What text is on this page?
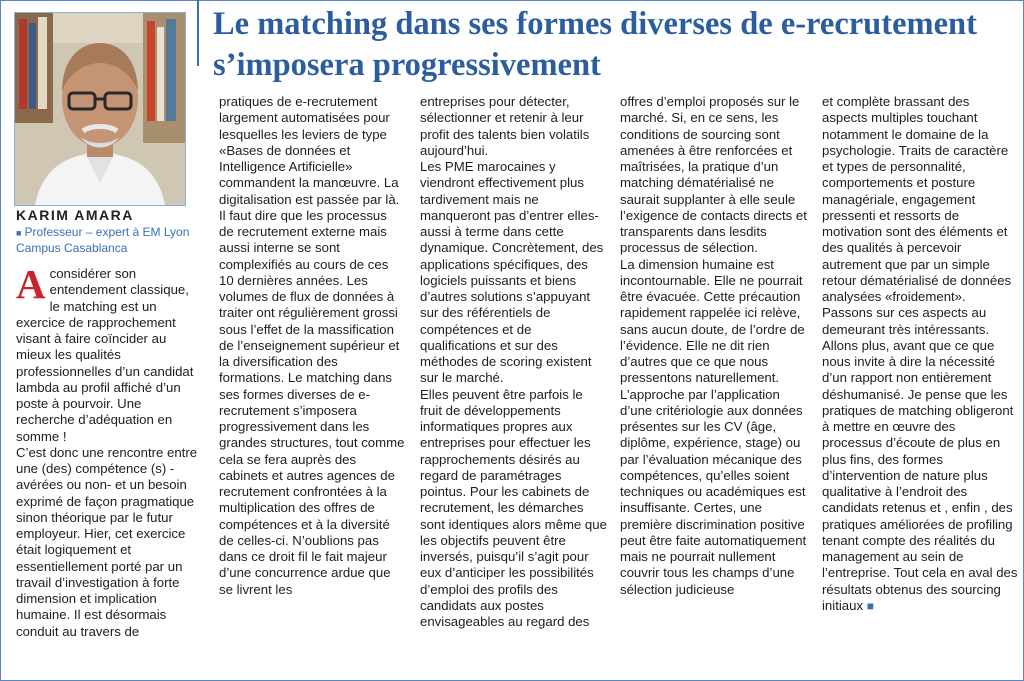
Le matching dans ses formes diverses de e-recrutement s’imposera progressivement

KARIM AMARA

■ Professeur – expert à EM Lyon Campus Casablanca

Aconsidérer son entendement classique, le matching est un exercice de rapprochement visant à faire coïncider au mieux les qualités professionnelles d’un candidat lambda au profil affiché d’un poste à pourvoir. Une recherche d’adéquation en somme !

C’est donc une rencontre entre une (des) compétence (s) - avérées ou non- et un besoin exprimé de façon pragmatique sinon théorique par le futur employeur. Hier, cet exercice était logiquement et essentiellement porté par un travail d’investigation à forte dimension et implication humaine. Il est désormais conduit au travers de

pratiques de e-recrutement largement automatisées pour lesquelles les leviers de type «Bases de données et Intelligence Artificielle» commandent la manœuvre. La digitalisation est passée par là. Il faut dire que les processus de recrutement externe mais aussi interne se sont complexifiés au cours de ces 10 dernières années. Les volumes de flux de données à traiter ont régulièrement grossi sous l’effet de la massification de l’enseignement supérieur et la diversification des formations. Le matching dans ses formes diverses de e-recrutement s’imposera progressivement dans les grandes structures, tout comme cela se fera auprès des cabinets et autres agences de recrutement confrontées à la multiplication des offres de compétences et à la diversité de celles-ci. N’oublions pas dans ce droit fil le fait majeur d’une concurrence ardue que se livrent les

entreprises pour détecter, sélectionner et retenir à leur profit des talents bien volatils aujourd’hui.

Les PME marocaines y viendront effectivement plus tardivement mais ne manqueront pas d’entrer elles-aussi à terme dans cette dynamique. Concrètement, des applications spécifiques, des logiciels puissants et biens d’autres solutions s’appuyant sur des référentiels de compétences et de qualifications et sur des méthodes de scoring existent sur le marché.

Elles peuvent être parfois le fruit de développements informatiques propres aux entreprises pour effectuer les rapprochements désirés au regard de paramétrages pointus. Pour les cabinets de recrutement, les démarches sont identiques alors même que les objectifs peuvent être inversés, puisqu’il s’agit pour eux d’anticiper les possibilités d’emploi des profils des candidats aux postes envisageables au regard des

offres d’emploi proposés sur le marché. Si, en ce sens, les conditions de sourcing sont amenées à être renforcées et maîtrisées, la pratique d’un matching dématérialisé ne saurait supplanter à elle seule l’exigence de contacts directs et transparents dans lesdits processus de sélection.

La dimension humaine est incontournable. Elle ne pourrait être évacuée. Cette précaution rapidement rappelée ici relève, sans aucun doute, de l’ordre de l’évidence. Elle ne dit rien d’autres que ce que nous pressentons naturellement.

L’approche par l’application d’une critériologie aux données présentes sur les CV (âge, diplôme, expérience, stage) ou par l’évaluation mécanique des compétences, qu’elles soient techniques ou académiques est insuffisante. Certes, une première discrimination positive peut être faite automatiquement mais ne pourrait nullement couvrir tous les champs d’une sélection judicieuse

et complète brassant des aspects multiples touchant notamment le domaine de la psychologie. Traits de caractère et types de personnalité, comportements et posture managériale, engagement pressenti et ressorts de motivation sont des éléments et des qualités à percevoir autrement que par un simple retour dématérialisé de données analysées «froidement». Passons sur ces aspects au demeurant très intéressants. Allons plus, avant que ce que nous invite à dire la nécessité d’un rapport non entièrement déshumanisé. Je pense que les pratiques de matching obligeront à mettre en œuvre des processus d’écoute de plus en plus fins, des formes d’intervention de nature plus qualitative à l’endroit des candidats retenus et , enfin , des pratiques améliorées de profiling tenant compte des réalités du management au sein de l’entreprise. Tout cela en aval des résultats obtenus des sourcing initiaux ■
